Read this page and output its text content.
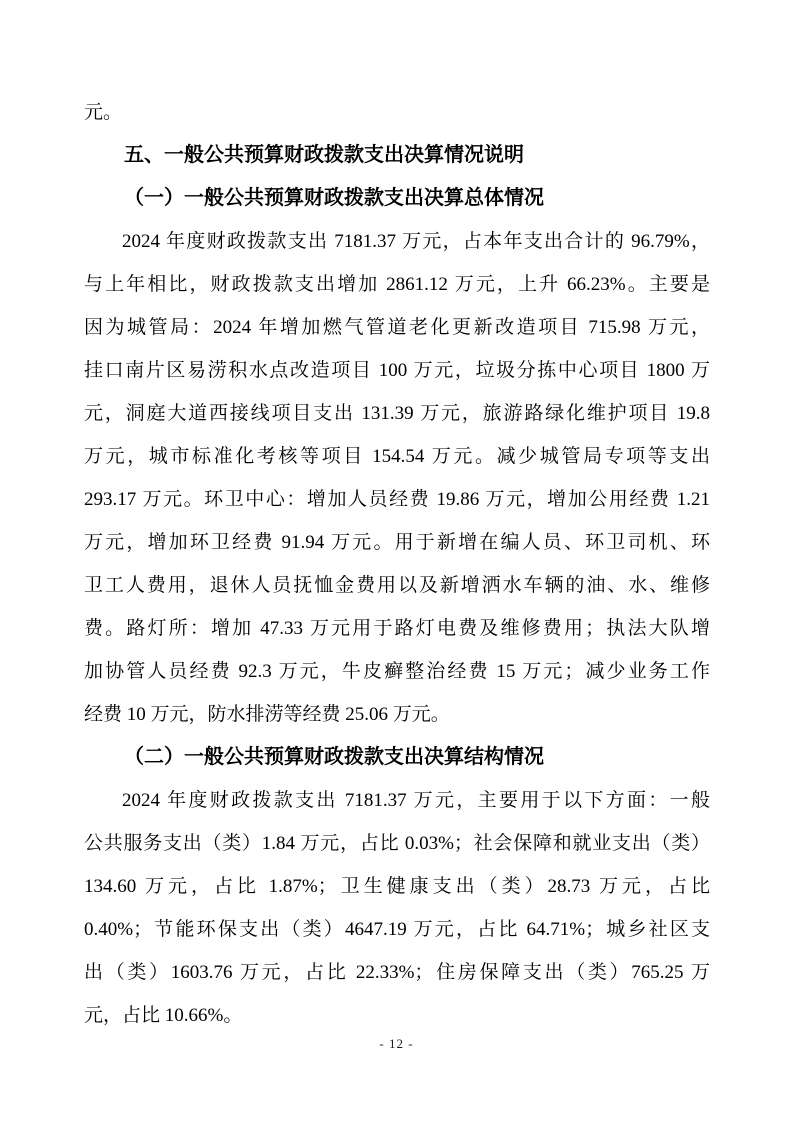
元。
五、一般公共预算财政拨款支出决算情况说明
（一）一般公共预算财政拨款支出决算总体情况
2024 年度财政拨款支出 7181.37 万元，占本年支出合计的 96.79%，
与上年相比，财政拨款支出增加 2861.12 万元，上升 66.23%。主要是
因为城管局：2024 年增加燃气管道老化更新改造项目 715.98 万元，
挂口南片区易涝积水点改造项目 100 万元，垃圾分拣中心项目 1800 万
元，洞庭大道西接线项目支出 131.39 万元，旅游路绿化维护项目 19.8
万元，城市标准化考核等项目 154.54 万元。减少城管局专项等支出
293.17 万元。环卫中心：增加人员经费 19.86 万元，增加公用经费 1.21
万元，增加环卫经费 91.94 万元。用于新增在编人员、环卫司机、环
卫工人费用，退休人员抚恤金费用以及新增洒水车辆的油、水、维修
费。路灯所：增加 47.33 万元用于路灯电费及维修费用；执法大队增
加协管人员经费 92.3 万元，牛皮癣整治经费 15 万元；减少业务工作
经费 10 万元，防水排涝等经费 25.06 万元。
（二）一般公共预算财政拨款支出决算结构情况
2024 年度财政拨款支出 7181.37 万元，主要用于以下方面：一般
公共服务支出（类）1.84 万元，占比 0.03%；社会保障和就业支出（类）
134.60 万元，占比 1.87%；卫生健康支出（类）28.73 万元，占比
0.40%；节能环保支出（类）4647.19 万元，占比 64.71%；城乡社区支
出（类）1603.76 万元，占比 22.33%；住房保障支出（类）765.25 万
元，占比 10.66%。
- 12 -
